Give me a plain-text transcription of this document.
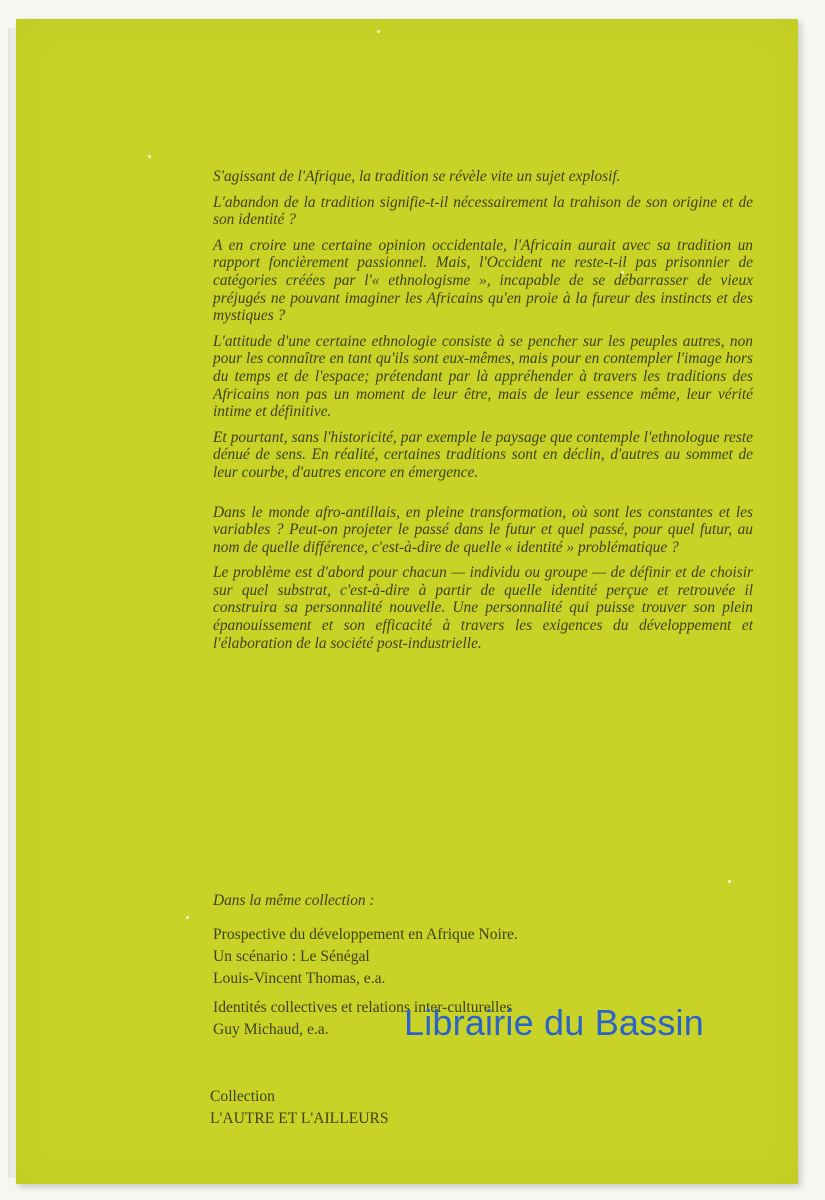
S'agissant de l'Afrique, la tradition se révèle vite un sujet explosif.

L'abandon de la tradition signifie-t-il nécessairement la trahison de son origine et de son identité ?

A en croire une certaine opinion occidentale, l'Africain aurait avec sa tradition un rapport foncièrement passionnel. Mais, l'Occident ne reste-t-il pas prisonnier de catégories créées par l'« ethnologisme », incapable de se débarrasser de vieux préjugés ne pouvant imaginer les Africains qu'en proie à la fureur des instincts et des mystiques ?

L'attitude d'une certaine ethnologie consiste à se pencher sur les peuples autres, non pour les connaître en tant qu'ils sont eux-mêmes, mais pour en contempler l'image hors du temps et de l'espace; prétendant par là appréhender à travers les traditions des Africains non pas un moment de leur être, mais de leur essence même, leur vérité intime et définitive.

Et pourtant, sans l'historicité, par exemple le paysage que contemple l'ethnologue reste dénué de sens. En réalité, certaines traditions sont en déclin, d'autres au sommet de leur courbe, d'autres encore en émergence.

Dans le monde afro-antillais, en pleine transformation, où sont les constantes et les variables ? Peut-on projeter le passé dans le futur et quel passé, pour quel futur, au nom de quelle différence, c'est-à-dire de quelle « identité » problématique ?

Le problème est d'abord pour chacun — individu ou groupe — de définir et de choisir sur quel substrat, c'est-à-dire à partir de quelle identité perçue et retrouvée il construira sa personnalité nouvelle. Une personnalité qui puisse trouver son plein épanouissement et son efficacité à travers les exigences du développement et l'élaboration de la société post-industrielle.

Dans la même collection :
Prospective du développement en Afrique Noire.
Un scénario : Le Sénégal
Louis-Vincent Thomas, e.a.
Identités collectives et relations inter-culturelles
Guy Michaud, e.a.
Collection
L'AUTRE ET L'AILLEURS
Librairie du Bassin
